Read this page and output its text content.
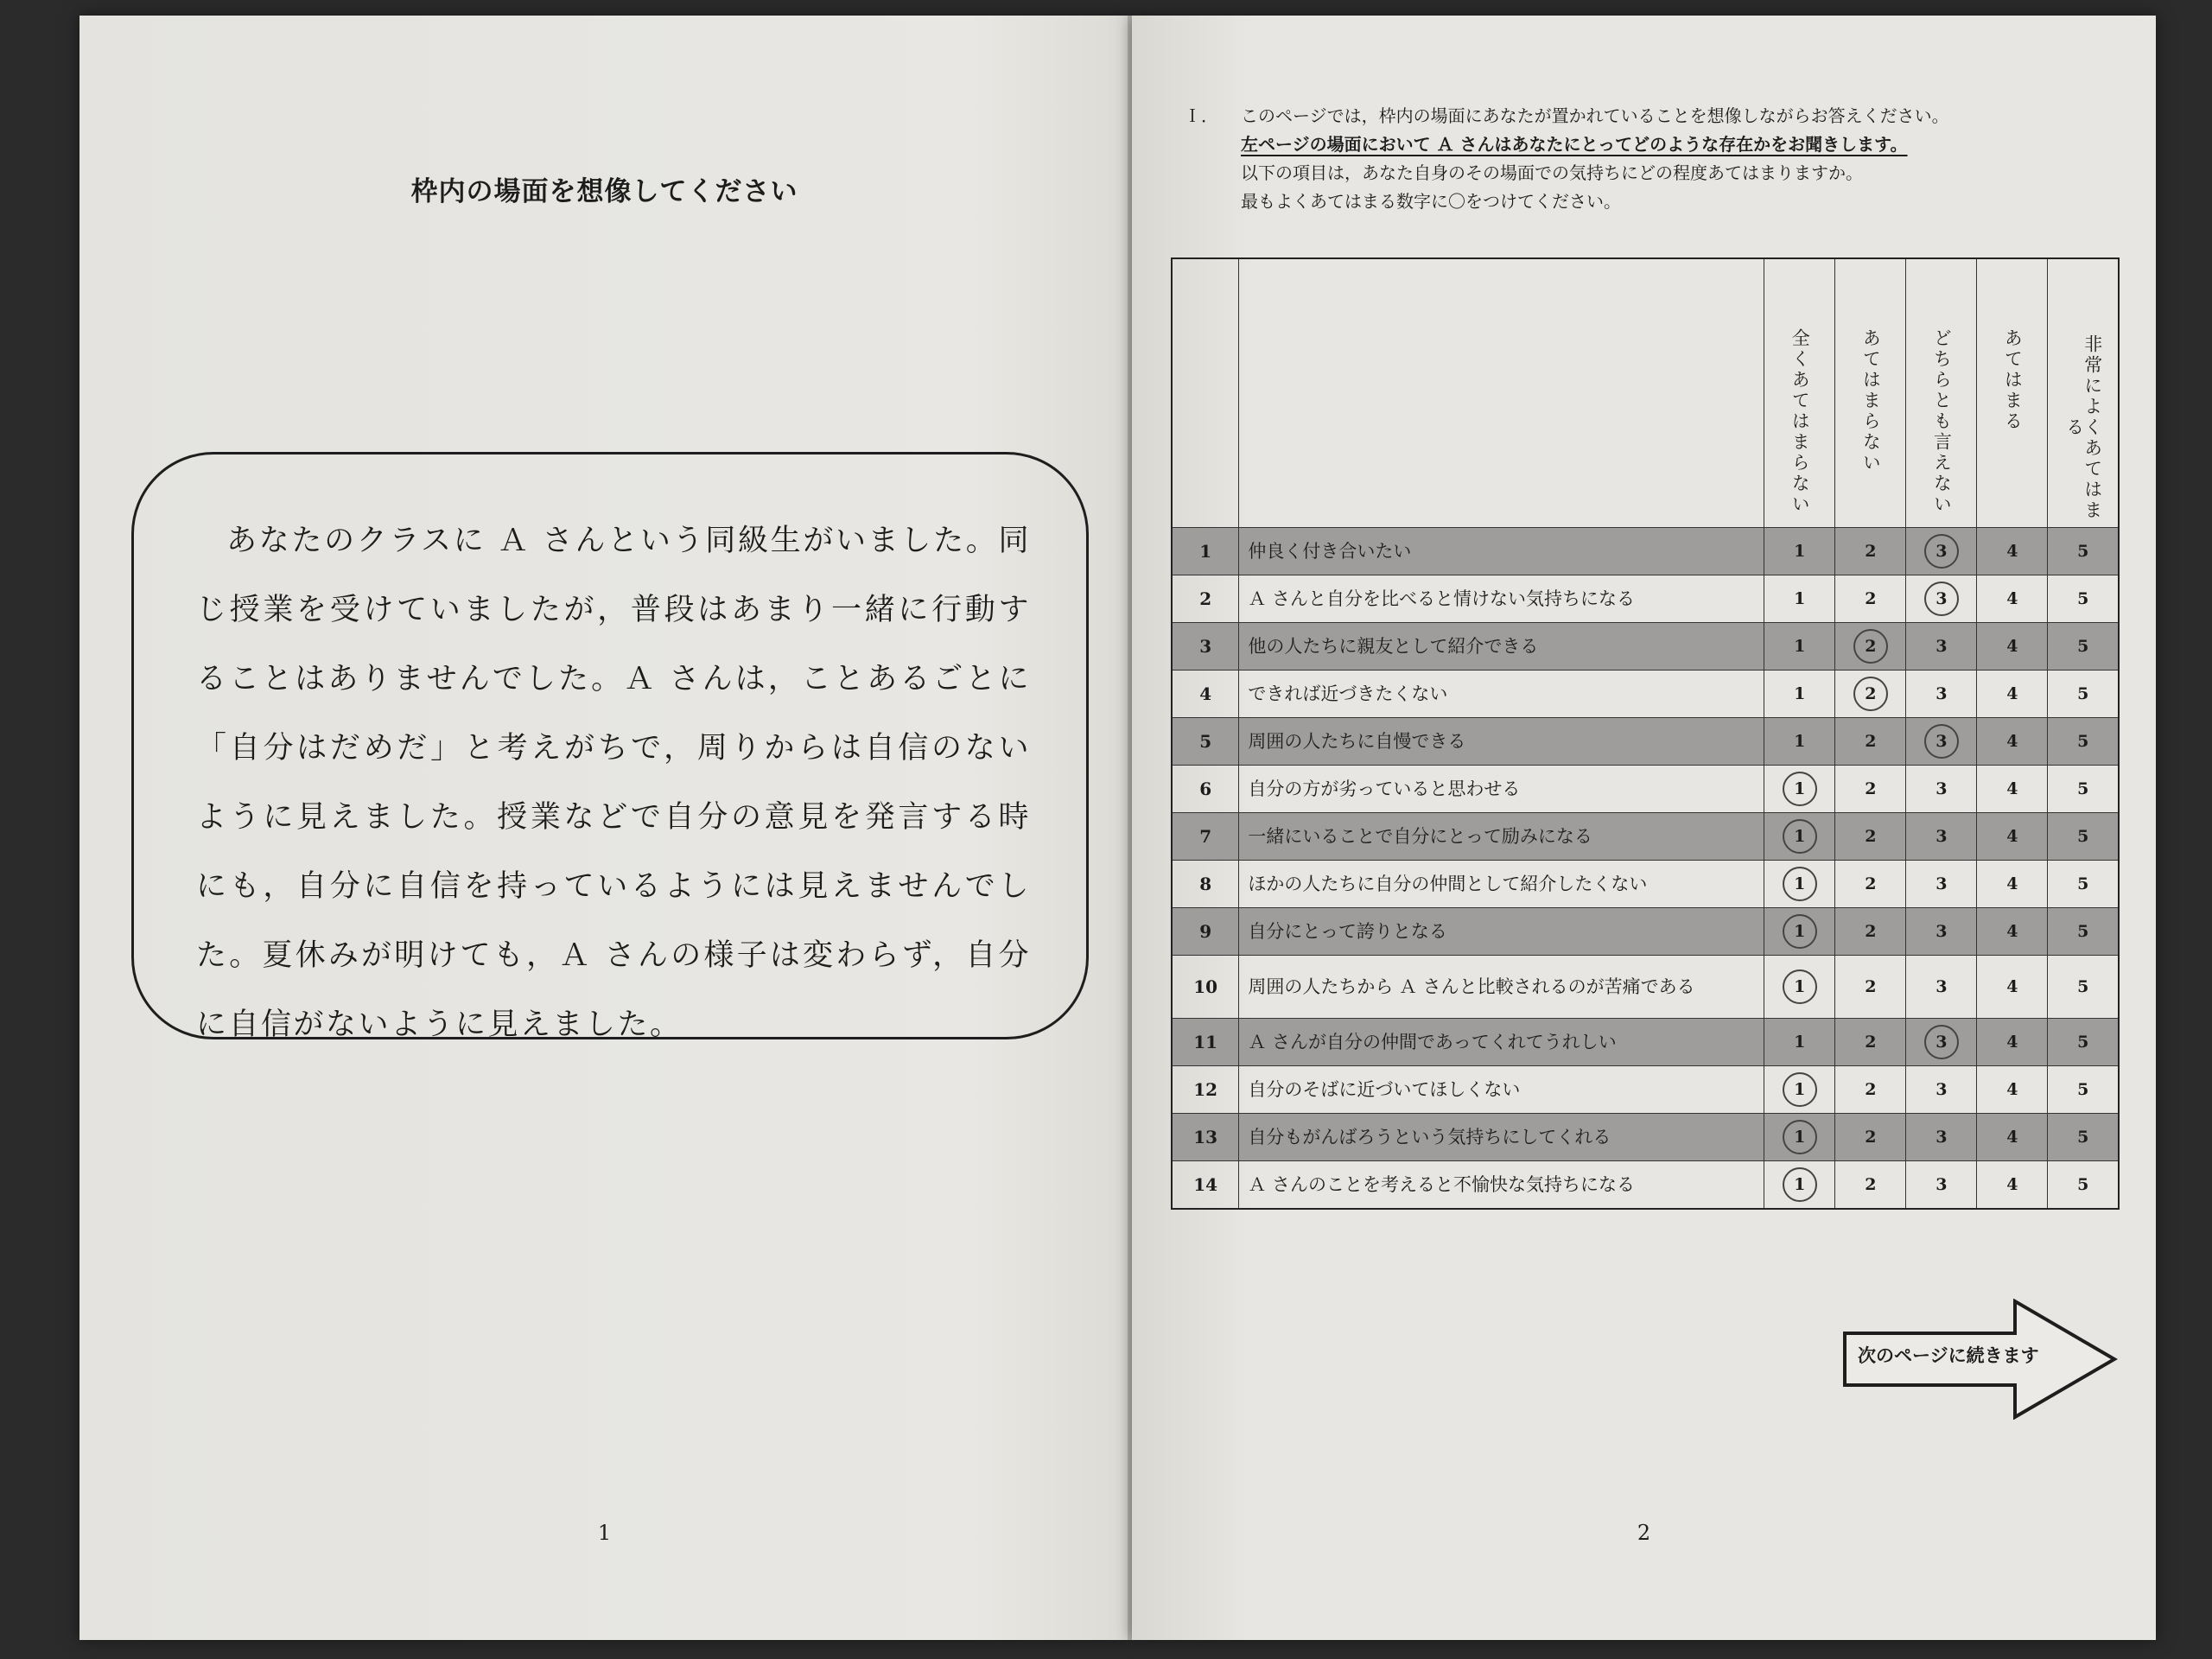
枠内の場面を想像してください

あなたのクラスに Ａ さんという同級生がいました。同じ授業を受けていましたが，普段はあまり一緒に行動することはありませんでした。Ａ さんは，ことあるごとに「自分はだめだ」と考えがちで，周りからは自信のないように見えました。授業などで自分の意見を発言する時にも，自分に自信を持っているようには見えませんでした。夏休みが明けても，Ａ さんの様子は変わらず，自分に自信がないように見えました。

1
Ｉ． このページでは，枠内の場面にあなたが置かれていることを想像しながらお答えください。
左ページの場面において Ａ さんはあなたにとってどのような存在かをお聞きします。
以下の項目は，あなた自身のその場面での気持ちにどの程度あてはまりますか。
最もよくあてはまる数字に〇をつけてください。

		全くあてはまらない	あてはまらない	どちらとも言えない	あてはまる	非常によくあてはまる

1	仲良く付き合いたい	1	2	3	4	5
2	Ａ さんと自分を比べると情けない気持ちになる	1	2	3	4	5
3	他の人たちに親友として紹介できる	1	2	3	4	5
4	できれば近づきたくない	1	2	3	4	5
5	周囲の人たちに自慢できる	1	2	3	4	5
6	自分の方が劣っていると思わせる	1	2	3	4	5
7	一緒にいることで自分にとって励みになる	1	2	3	4	5
8	ほかの人たちに自分の仲間として紹介したくない	1	2	3	4	5
9	自分にとって誇りとなる	1	2	3	4	5
10	周囲の人たちから Ａ さんと比較されるのが苦痛である	1	2	3	4	5
11	Ａ さんが自分の仲間であってくれてうれしい	1	2	3	4	5
12	自分のそばに近づいてほしくない	1	2	3	4	5
13	自分もがんばろうという気持ちにしてくれる	1	2	3	4	5
14	Ａ さんのことを考えると不愉快な気持ちになる	1	2	3	4	5
次のページに続きます
2
